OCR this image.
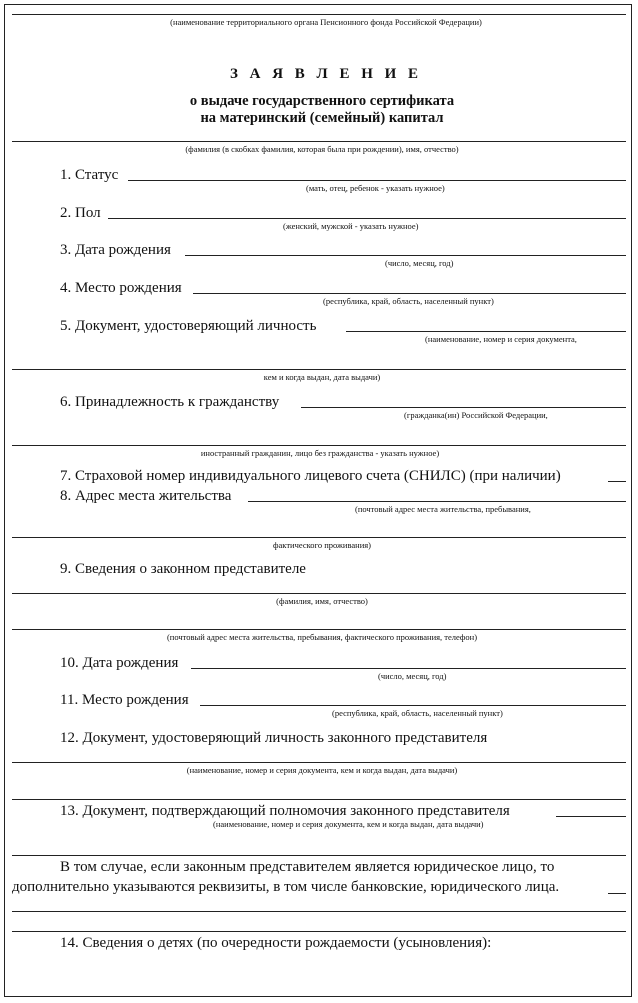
(наименование территориального органа Пенсионного фонда Российской Федерации)
З А Я В Л Е Н И Е
о выдаче государственного сертификата
на материнский (семейный) капитал
(фамилия (в скобках фамилия, которая была при рождении), имя, отчество)
1. Статус
(мать, отец, ребенок - указать нужное)
2. Пол
(женский, мужской - указать нужное)
3. Дата рождения
(число, месяц, год)
4. Место рождения
(республика, край, область, населенный пункт)
5. Документ, удостоверяющий личность
(наименование, номер и серия документа,
кем и когда выдан, дата выдачи)
6. Принадлежность к гражданству
(гражданка(ин) Российской Федерации,
иностранный гражданин, лицо без гражданства - указать нужное)
7. Страховой номер индивидуального лицевого счета (СНИЛС) (при наличии)
8. Адрес места жительства
(почтовый адрес места жительства, пребывания,
фактического проживания)
9. Сведения о законном представителе
(фамилия, имя, отчество)
(почтовый адрес места жительства, пребывания, фактического проживания, телефон)
10. Дата рождения
(число, месяц, год)
11. Место рождения
(республика, край, область, населенный пункт)
12. Документ, удостоверяющий личность законного представителя
(наименование, номер и серия документа, кем и когда выдан, дата выдачи)
13. Документ, подтверждающий полномочия законного представителя
(наименование, номер и серия документа, кем и когда выдан, дата выдачи)
В том случае, если законным представителем является юридическое лицо, то
дополнительно указываются реквизиты, в том числе банковские, юридического лица.
14. Сведения о детях (по очередности рождаемости (усыновления):
